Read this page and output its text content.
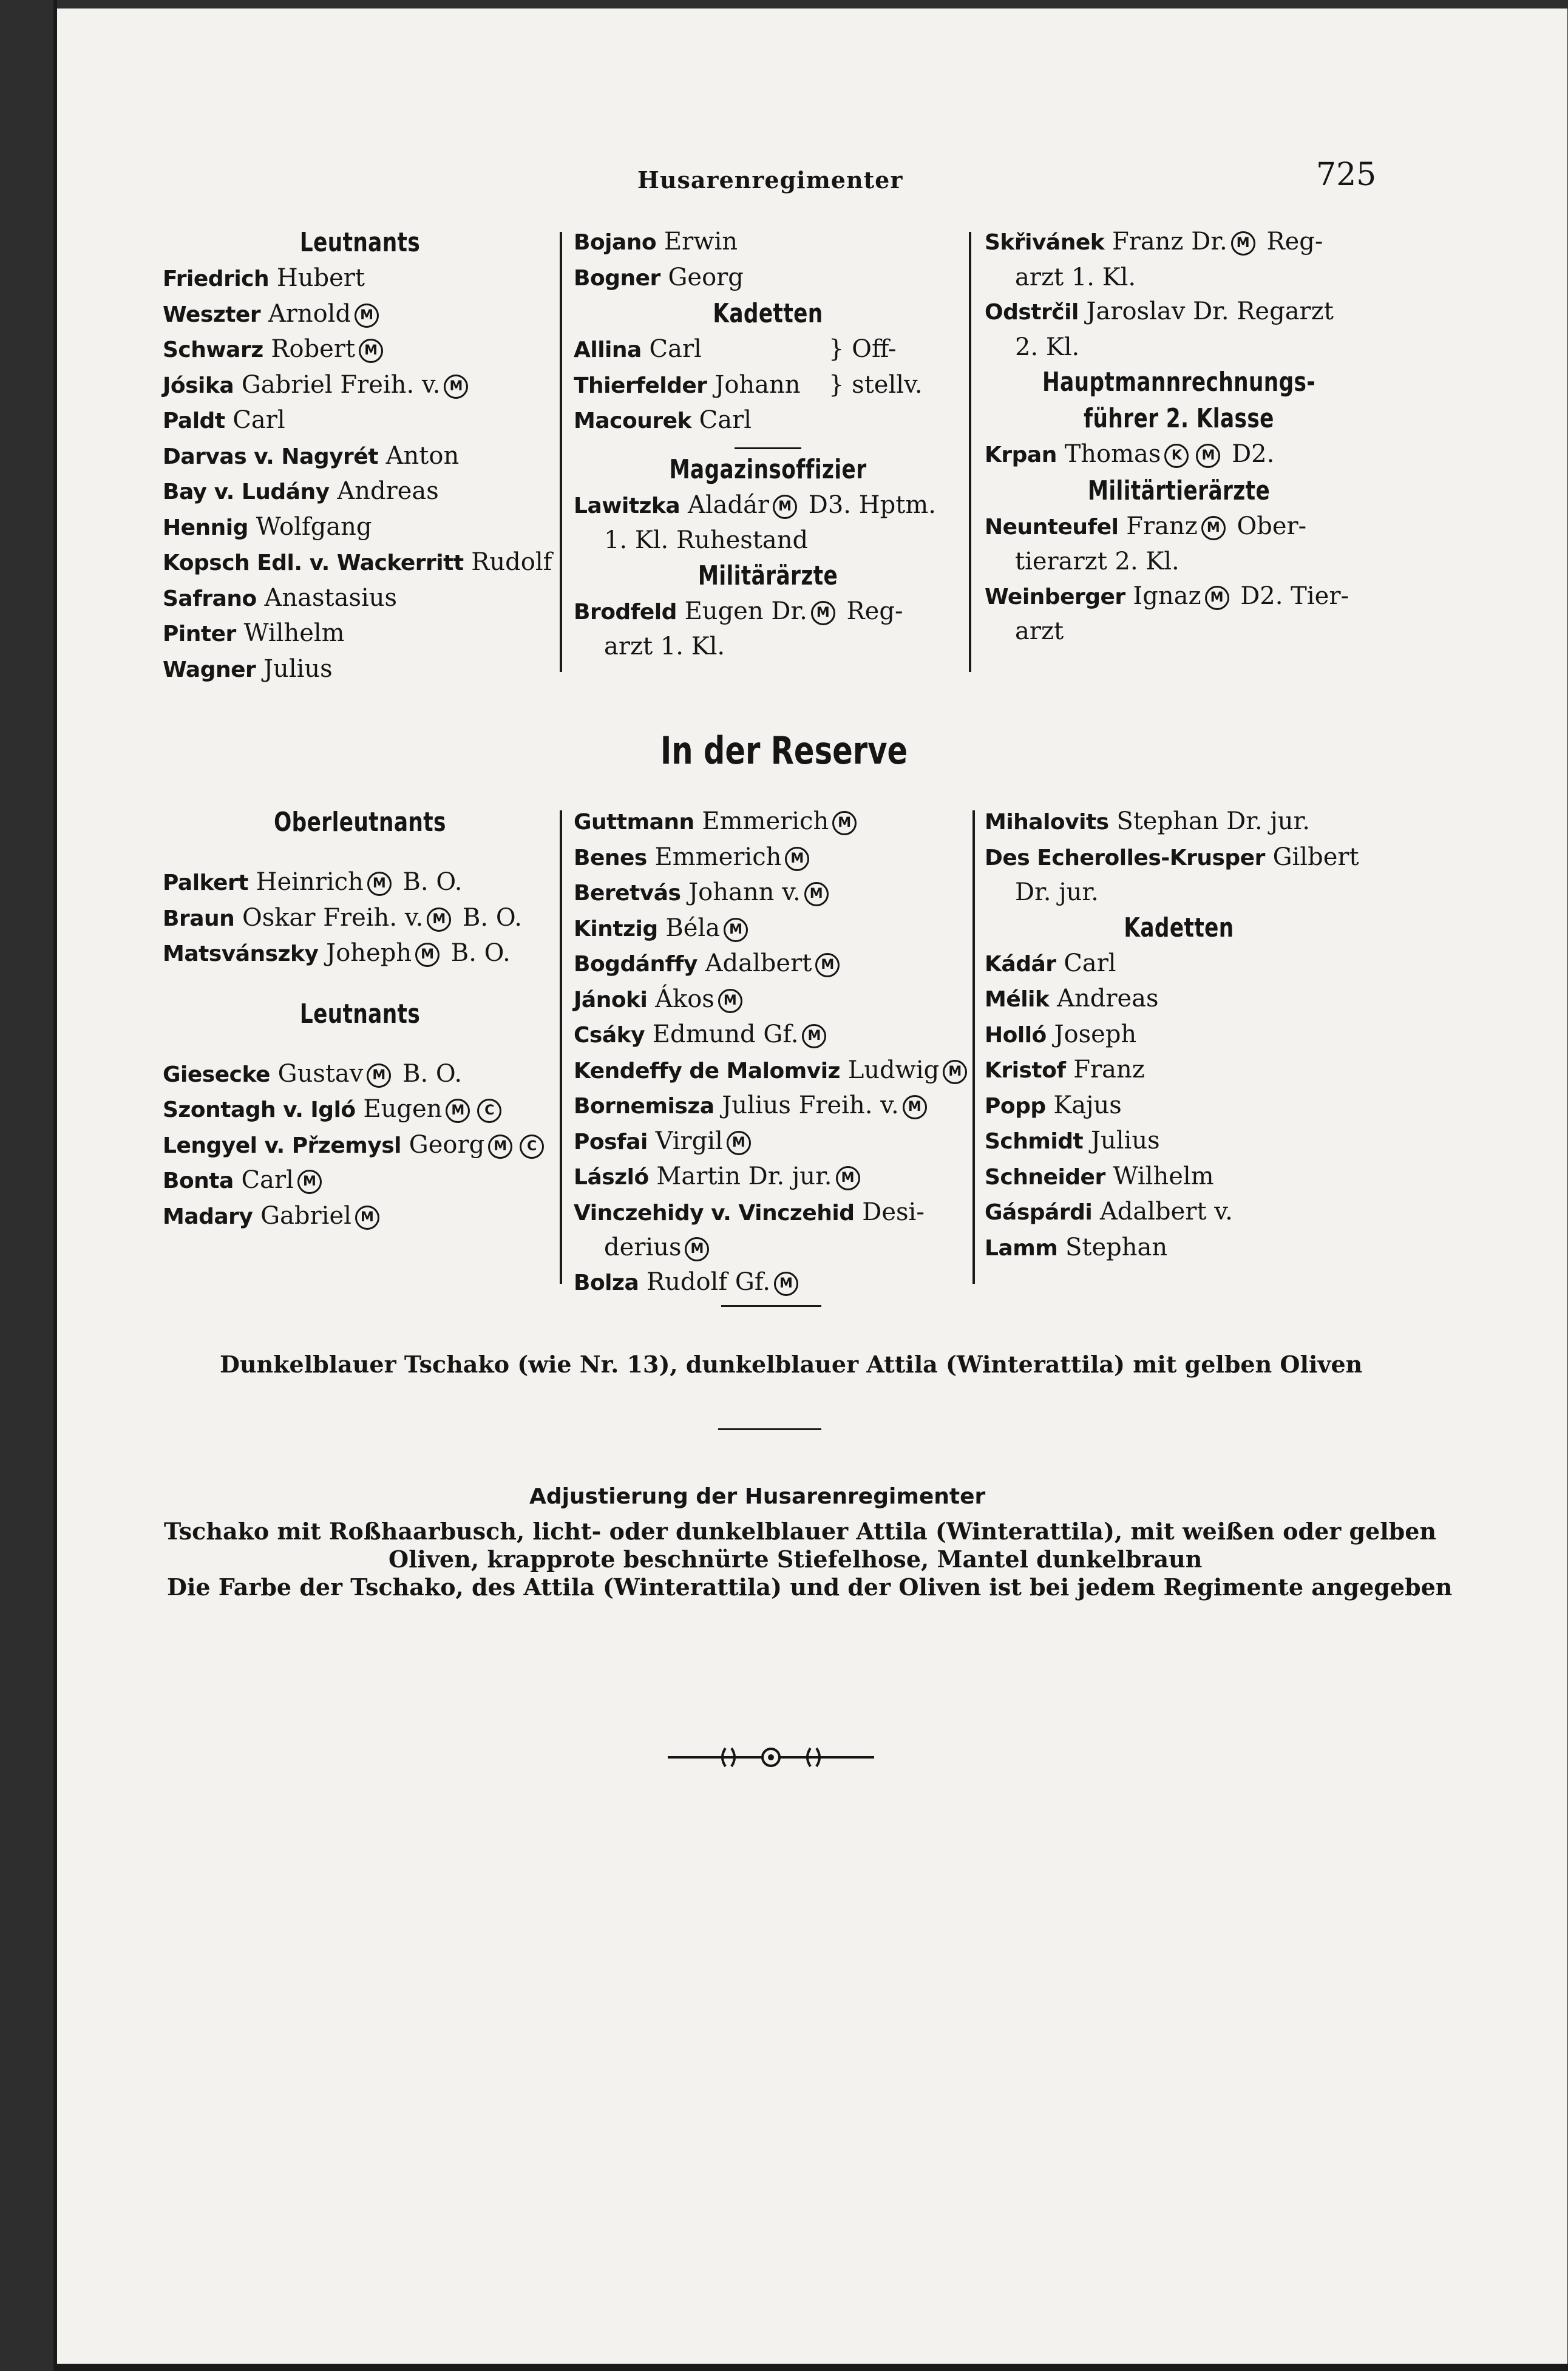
Husarenregimenter	725
Leutnants
Friedrich Hubert
Weszter Arnold M
Schwarz Robert M
Jósika Gabriel Freih. v. M
Paldt Carl
Darvas v. Nagyrét Anton
Bay v. Ludány Andreas
Hennig Wolfgang
Kopsch Edl. v. Wackerritt Rudolf
Safrano Anastasius
Pinter Wilhelm
Wagner Julius
Bojano Erwin
Bogner Georg
Kadetten
Allina Carl	} Off-
Thierfelder Johann } stellv.
Macourek Carl
Magazinsoffizier
Lawitzka Aladár M D3. Hptm.
1. Kl. Ruhestand
Militärärzte
Brodfeld Eugen Dr. M Reg-
arzt 1. Kl.
Skřivánek Franz Dr. M Reg-
arzt 1. Kl.
Odstrčil Jaroslav Dr. Regarzt
2. Kl.
Hauptmannrechnungs-
führer 2. Klasse
Krpan Thomas K M D2.
Militärtierärzte
Neunteufel Franz M Ober-
tierarzt 2. Kl.
Weinberger Ignaz M D2. Tier-
arzt
In der Reserve
Oberleutnants
Palkert Heinrich M B. O.
Braun Oskar Freih. v. M B. O.
Matsvánszky Joheph M B. O.
Leutnants
Giesecke Gustav M B. O.
Szontagh v. Igló Eugen M C
Lengyel v. Přzemysl Georg M C
Bonta Carl M
Madary Gabriel M
Guttmann Emmerich M
Benes Emmerich M
Beretvás Johann v. M
Kintzig Béla M
Bogdánffy Adalbert M
Jánoki Ákos M
Csáky Edmund Gf. M
Kendeffy de Malomviz Ludwig M
Bornemisza Julius Freih. v. M
Posfai Virgil M
László Martin Dr. jur. M
Vinczehidy v. Vinczehid Desi-
derius M
Bolza Rudolf Gf. M
Mihalovits Stephan Dr. jur.
Des Echerolles-Krusper Gilbert
Dr. jur.
Kadetten
Kádár Carl
Mélik Andreas
Holló Joseph
Kristof Franz
Popp Kajus
Schmidt Julius
Schneider Wilhelm
Gáspárdi Adalbert v.
Lamm Stephan
Dunkelblauer Tschako (wie Nr. 13), dunkelblauer Attila (Winterattila) mit gelben Oliven
Adjustierung der Husarenregimenter
Tschako mit Roßhaarbusch, licht- oder dunkelblauer Attila (Winterattila), mit weißen oder gelben
Oliven, krapprote beschnürte Stiefelhose, Mantel dunkelbraun
Die Farbe der Tschako, des Attila (Winterattila) und der Oliven ist bei jedem Regimente angegeben
